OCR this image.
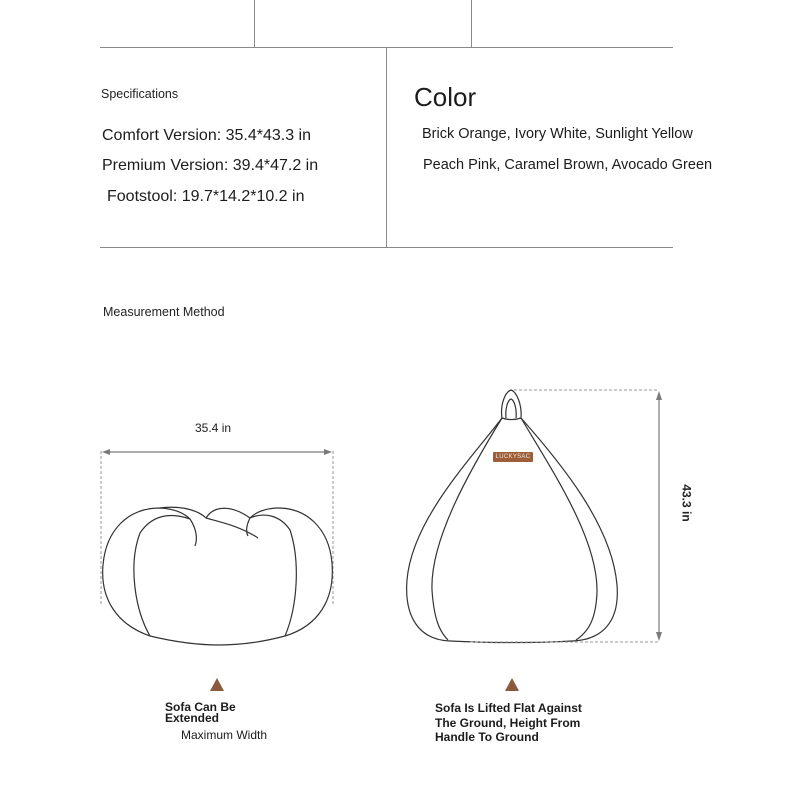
Specifications
Comfort Version: 35.4*43.3 in
Premium Version: 39.4*47.2 in
Footstool: 19.7*14.2*10.2 in
Color
Brick Orange, Ivory White, Sunlight Yellow
Peach Pink, Caramel Brown, Avocado Green
Measurement Method
LUCKYSAC
35.4 in
43.3 in
Sofa Can Be
Extended
Maximum Width
Sofa Is Lifted Flat Against
The Ground, Height From
Handle To Ground
